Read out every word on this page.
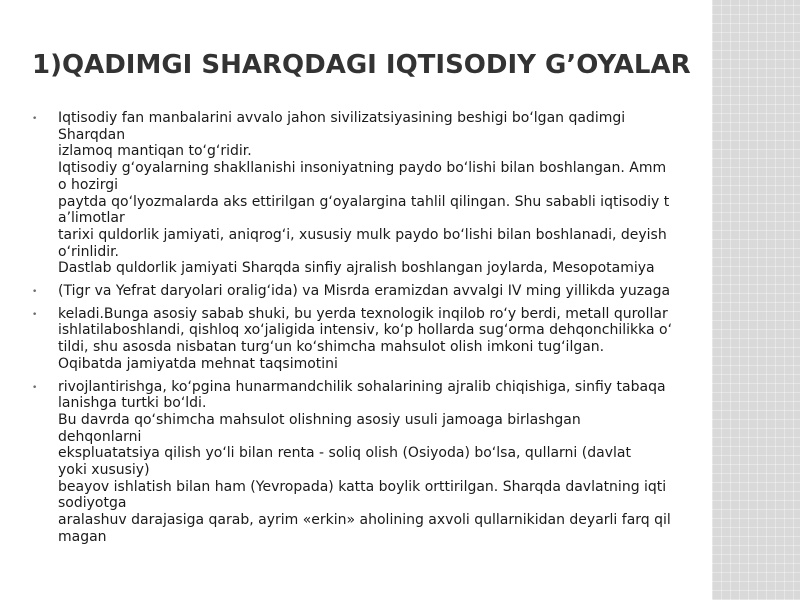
1)QADIMGI SHARQDAGI IQTISODIY G’OYALAR
• Iqtisodiy fan manbalarini avvalo jahon sivilizatsiyasining beshigi bo‘lgan qadimgi
Sharqdan
izlamoq mantiqan to‘g‘ridir.
Iqtisodiy g‘oyalarning shakllanishi insoniyatning paydo bo‘lishi bilan boshlangan. Amm
o hozirgi
paytda qo‘lyozmalarda aks ettirilgan g‘oyalargina tahlil qilingan. Shu sababli iqtisodiy t
a’limotlar
tarixi quldorlik jamiyati, aniqrog‘i, xususiy mulk paydo bo‘lishi bilan boshlanadi, deyish
o‘rinlidir.
Dastlab quldorlik jamiyati Sharqda sinfiy ajralish boshlangan joylarda, Mesopotamiya
• (Tigr va Yefrat daryolari oralig‘ida) va Misrda eramizdan avvalgi IV ming yillikda yuzaga
• keladi.Bunga asosiy sabab shuki, bu yerda texnologik inqilob ro‘y berdi, metall qurollar
ishlatilaboshlandi, qishloq xo‘jaligida intensiv, ko‘p hollarda sug‘orma dehqonchilikka o‘
tildi, shu asosda nisbatan turg‘un ko‘shimcha mahsulot olish imkoni tug‘ilgan.
Oqibatda jamiyatda mehnat taqsimotini
• rivojlantirishga, ko‘pgina hunarmandchilik sohalarining ajralib chiqishiga, sinfiy tabaqa
lanishga turtki bo‘ldi.
Bu davrda qo‘shimcha mahsulot olishning asosiy usuli jamoaga birlashgan
dehqonlarni
ekspluatatsiya qilish yo‘li bilan renta - soliq olish (Osiyoda) bo‘lsa, qullarni (davlat
yoki xususiy)
beayov ishlatish bilan ham (Yevropada) katta boylik orttirilgan. Sharqda davlatning iqti
sodiyotga
aralashuv darajasiga qarab, ayrim «erkin» aholining axvoli qullarnikidan deyarli farq qil
magan
